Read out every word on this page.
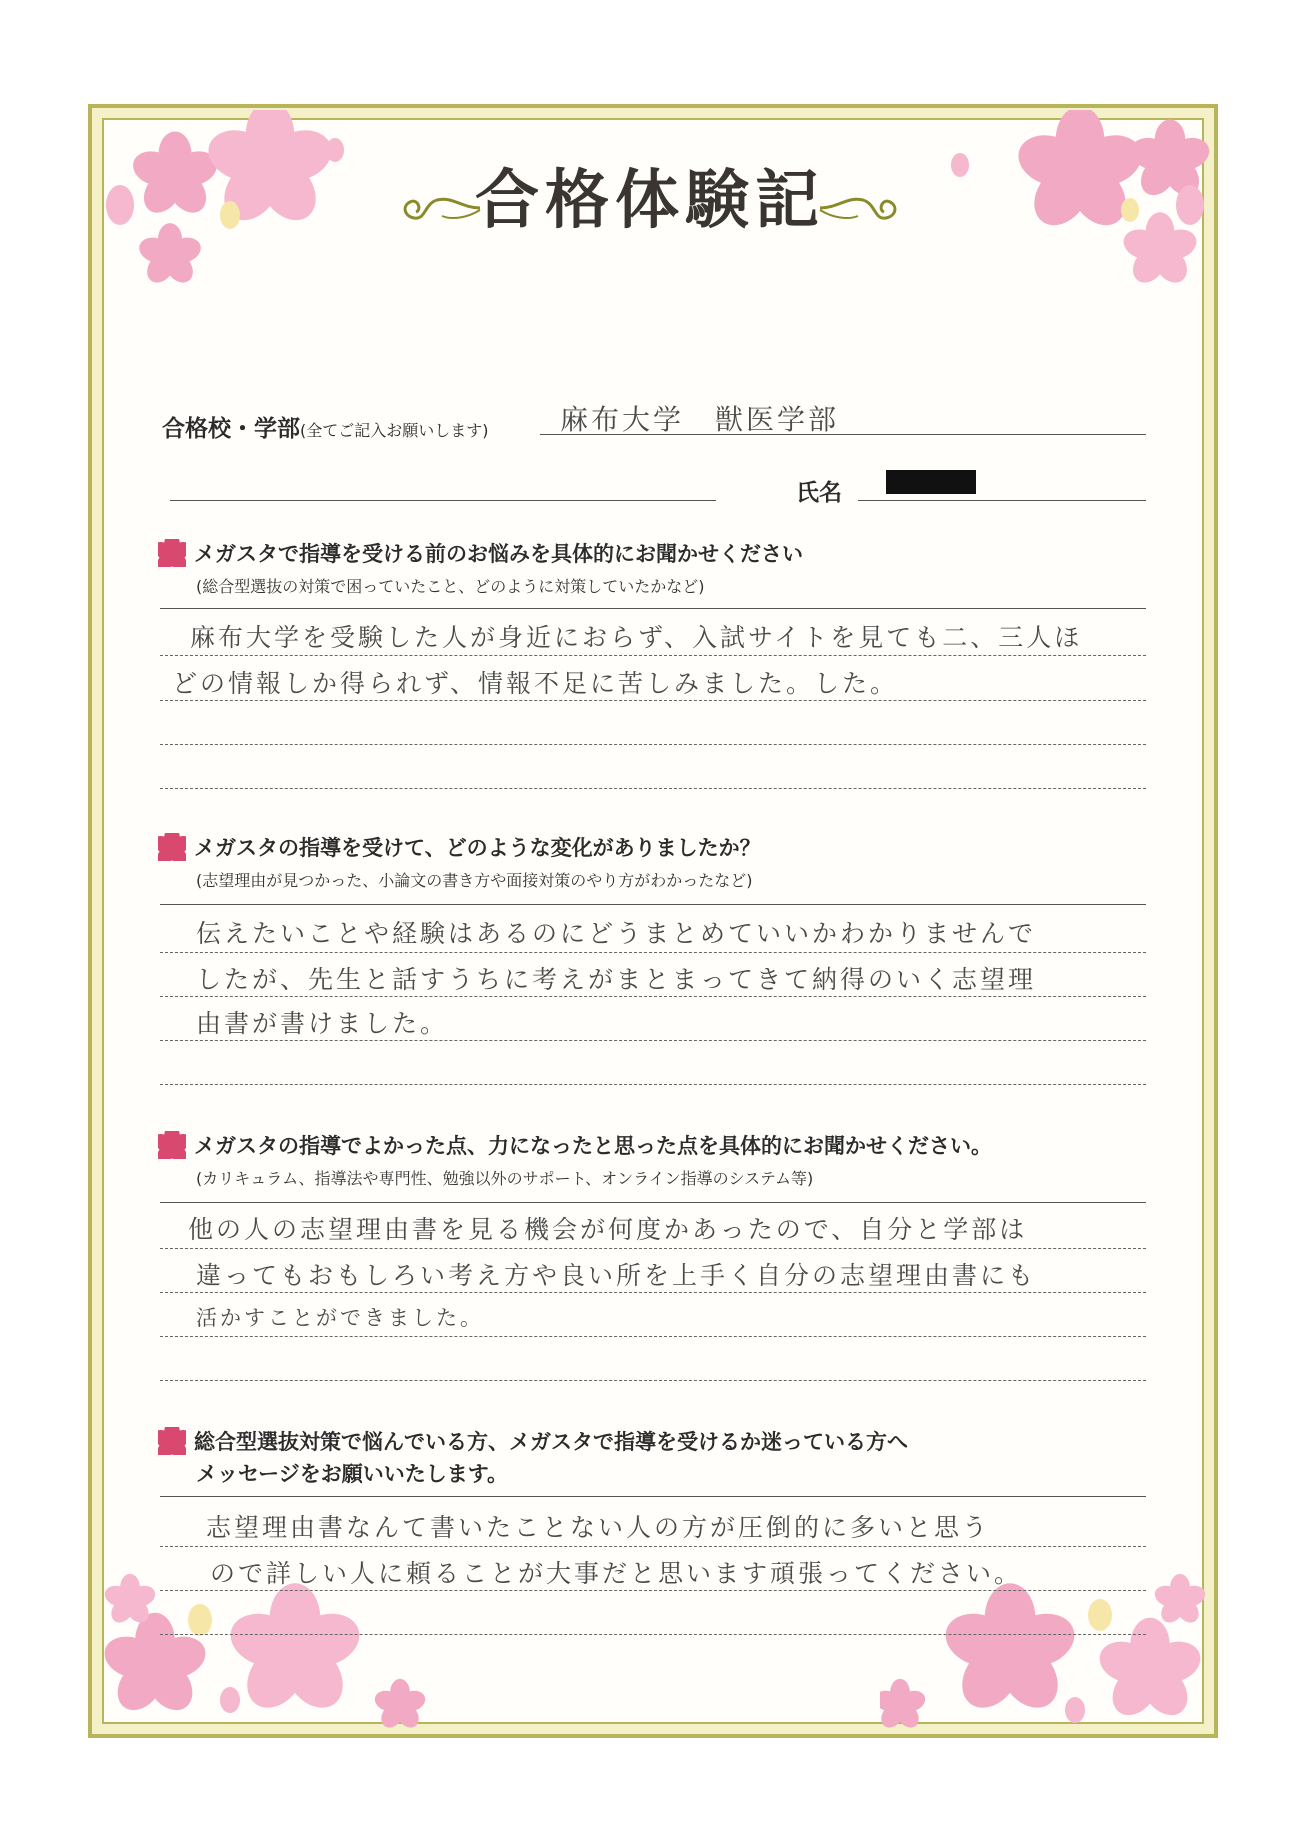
合格体験記
合格校・学部(全てご記入お願いします)	麻布大学　獣医学部
氏名
メガスタで指導を受ける前のお悩みを具体的にお聞かせください
(総合型選抜の対策で困っていたこと、どのように対策していたかなど)
麻布大学を受験した人が身近におらず、入試サイトを見ても二、三人ほ
どの情報しか得られず、情報不足に苦しみました。した。
メガスタの指導を受けて、どのような変化がありましたか？
(志望理由が見つかった、小論文の書き方や面接対策のやり方がわかったなど)
伝えたいことや経験はあるのにどうまとめていいかわかりませんで
したが、先生と話すうちに考えがまとまってきて納得のいく志望理
由書が書けました。
メガスタの指導でよかった点、力になったと思った点を具体的にお聞かせください。
(カリキュラム、指導法や専門性、勉強以外のサポート、オンライン指導のシステム等)
他の人の志望理由書を見る機会が何度かあったので、自分と学部は
違ってもおもしろい考え方や良い所を上手く自分の志望理由書にも
活かすことができました。
総合型選抜対策で悩んでいる方、メガスタで指導を受けるか迷っている方へ
メッセージをお願いいたします。
志望理由書なんて書いたことない人の方が圧倒的に多いと思う
ので詳しい人に頼ることが大事だと思います頑張ってください。
